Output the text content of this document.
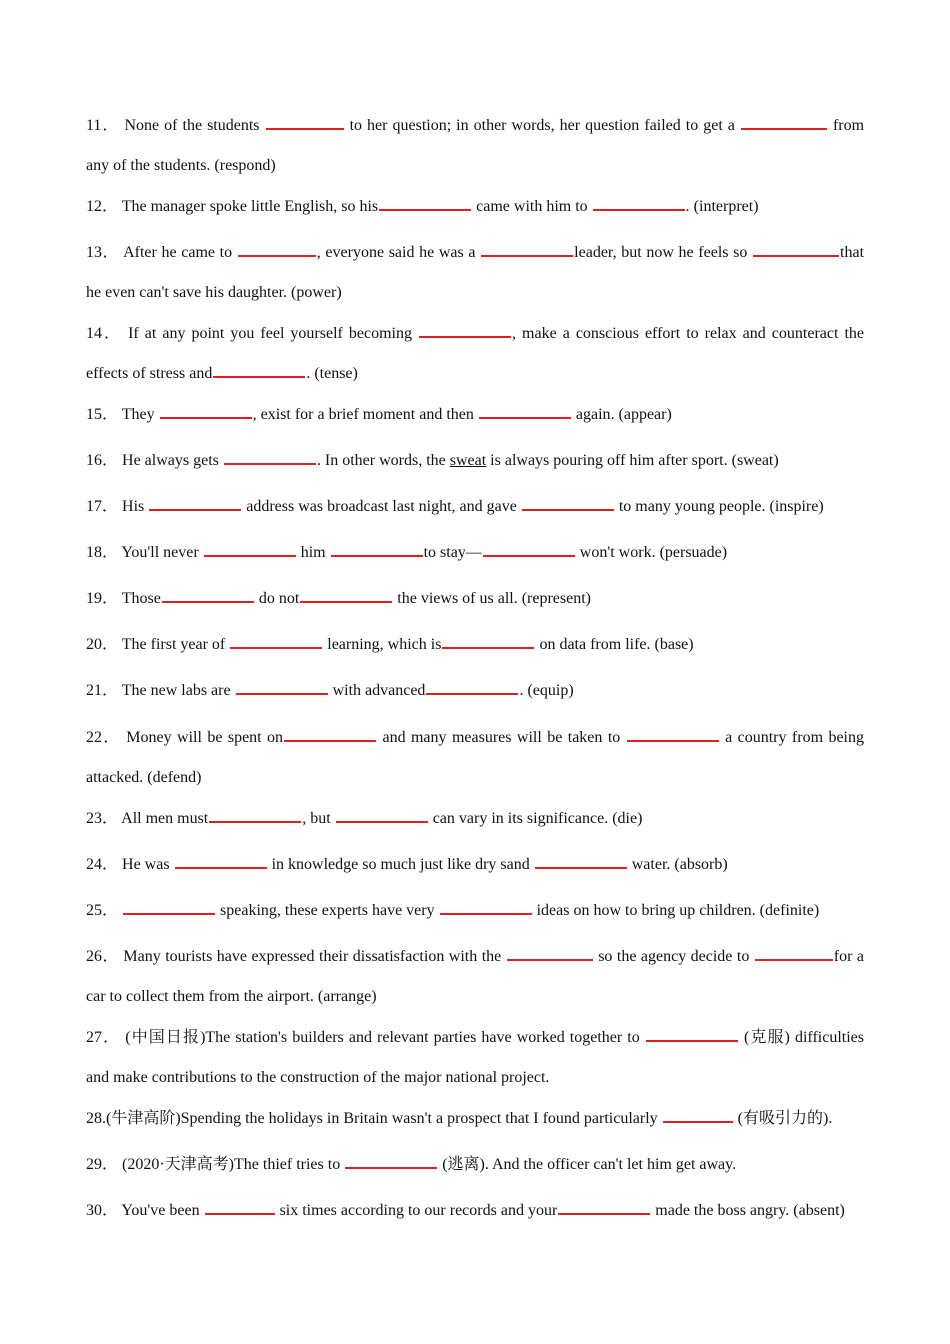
11． None of the students	to her question; in other words, her question failed to get a	from any of the students. (respond)
12． The manager spoke little English, so his	came with him to	. (interpret)
13． After he came to	, everyone said he was a	leader, but now he feels so	that he even can't save his daughter. (power)
14． If at any point you feel yourself becoming	, make a conscious effort to relax and counteract the effects of stress and	. (tense)
15． They	, exist for a brief moment and then	again. (appear)
16． He always gets	. In other words, the sweat is always pouring off him after sport. (sweat)
17． His	address was broadcast last night, and gave	to many young people. (inspire)
18． You'll never	him	to stay—	won't work. (persuade)
19． Those	do not	the views of us all. (represent)
20． The first year of	learning, which is	on data from life. (base)
21． The new labs are	with advanced	. (equip)
22． Money will be spent on	and many measures will be taken to	a country from being attacked. (defend)
23． All men must	, but	can vary in its significance. (die)
24． He was	in knowledge so much just like dry sand	water. (absorb)
25．	speaking, these experts have very	ideas on how to bring up children. (definite)
26． Many tourists have expressed their dissatisfaction with the	so the agency decide to	for a car to collect them from the airport. (arrange)
27． (中国日报)The station's builders and relevant parties have worked together to	(克服) difficulties and make contributions to the construction of the major national project.
28.(牛津高阶)Spending the holidays in Britain wasn't a prospect that I found particularly	(有吸引力的).
29． (2020·天津高考)The thief tries to	(逃离). And the officer can't let him get away.
30． You've been	six times according to our records and your	made the boss angry. (absent)
